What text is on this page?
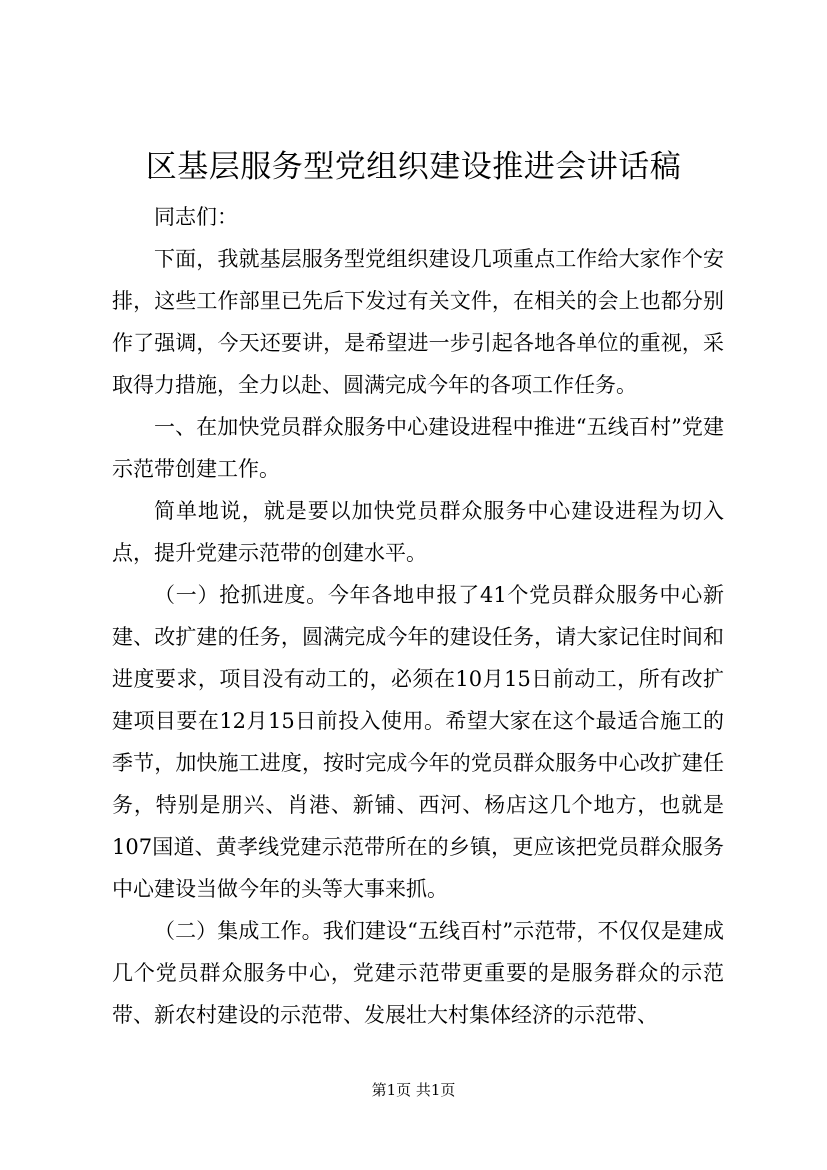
区基层服务型党组织建设推进会讲话稿

同志们：

下面，我就基层服务型党组织建设几项重点工作给大家作个安排，这些工作部里已先后下发过有关文件，在相关的会上也都分别作了强调，今天还要讲，是希望进一步引起各地各单位的重视，采取得力措施，全力以赴、圆满完成今年的各项工作任务。

一、在加快党员群众服务中心建设进程中推进“五线百村”党建示范带创建工作。

简单地说，就是要以加快党员群众服务中心建设进程为切入点，提升党建示范带的创建水平。

（一）抢抓进度。今年各地申报了41个党员群众服务中心新建、改扩建的任务，圆满完成今年的建设任务，请大家记住时间和进度要求，项目没有动工的，必须在10月15日前动工，所有改扩建项目要在12月15日前投入使用。希望大家在这个最适合施工的季节，加快施工进度，按时完成今年的党员群众服务中心改扩建任务，特别是朋兴、肖港、新铺、西河、杨店这几个地方，也就是107国道、黄孝线党建示范带所在的乡镇，更应该把党员群众服务中心建设当做今年的头等大事来抓。

（二）集成工作。我们建设“五线百村”示范带，不仅仅是建成几个党员群众服务中心，党建示范带更重要的是服务群众的示范带、新农村建设的示范带、发展壮大村集体经济的示范带、

第1页 共1页
